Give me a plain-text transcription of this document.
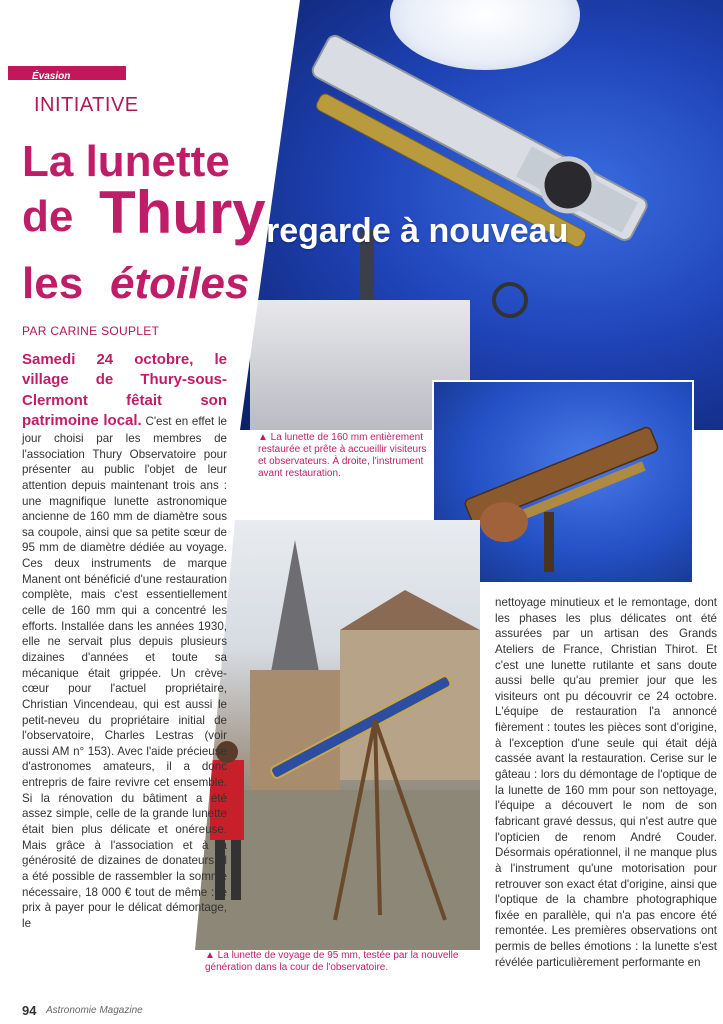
Évasion
INITIATIVE
La lunette
de Thury regarde à nouveau
les étoiles
PAR CARINE SOUPLET
Samedi 24 octobre, le village de Thury-sous-Clermont fêtait son patrimoine local. C'est en effet le jour choisi par les membres de l'association Thury Observatoire pour présenter au public l'objet de leur attention depuis maintenant trois ans : une magnifique lunette astronomique ancienne de 160 mm de diamètre sous sa coupole, ainsi que sa petite sœur de 95 mm de diamètre dédiée au voyage. Ces deux instruments de marque Manent ont bénéficié d'une restauration complète, mais c'est essentiellement celle de 160 mm qui a concentré les efforts. Installée dans les années 1930, elle ne servait plus depuis plusieurs dizaines d'années et toute sa mécanique était grippée. Un crève-cœur pour l'actuel propriétaire, Christian Vincendeau, qui est aussi le petit-neveu du propriétaire initial de l'observatoire, Charles Lestras (voir aussi AM n° 153). Avec l'aide précieuse d'astronomes amateurs, il a donc entrepris de faire revivre cet ensemble. Si la rénovation du bâtiment a été assez simple, celle de la grande lunette était bien plus délicate et onéreuse. Mais grâce à l'association et à la générosité de dizaines de donateurs, il a été possible de rassembler la somme nécessaire, 18 000 € tout de même : le prix à payer pour le délicat démontage, le
nettoyage minutieux et le remontage, dont les phases les plus délicates ont été assurées par un artisan des Grands Ateliers de France, Christian Thirot. Et c'est une lunette rutilante et sans doute aussi belle qu'au premier jour que les visiteurs ont pu découvrir ce 24 octobre. L'équipe de restauration l'a annoncé fièrement : toutes les pièces sont d'origine, à l'exception d'une seule qui était déjà cassée avant la restauration. Cerise sur le gâteau : lors du démontage de l'optique de la lunette de 160 mm pour son nettoyage, l'équipe a découvert le nom de son fabricant gravé dessus, qui n'est autre que l'opticien de renom André Couder. Désormais opérationnel, il ne manque plus à l'instrument qu'une motorisation pour retrouver son exact état d'origine, ainsi que l'optique de la chambre photographique fixée en parallèle, qui n'a pas encore été remontée. Les premières observations ont permis de belles émotions : la lunette s'est révélée particulièrement performante en
▲ La lunette de 160 mm entièrement restaurée et prête à accueillir visiteurs et observateurs. À droite, l'instrument avant restauration.
▲ La lunette de voyage de 95 mm, testée par la nouvelle génération dans la cour de l'observatoire.
94 Astronomie Magazine
